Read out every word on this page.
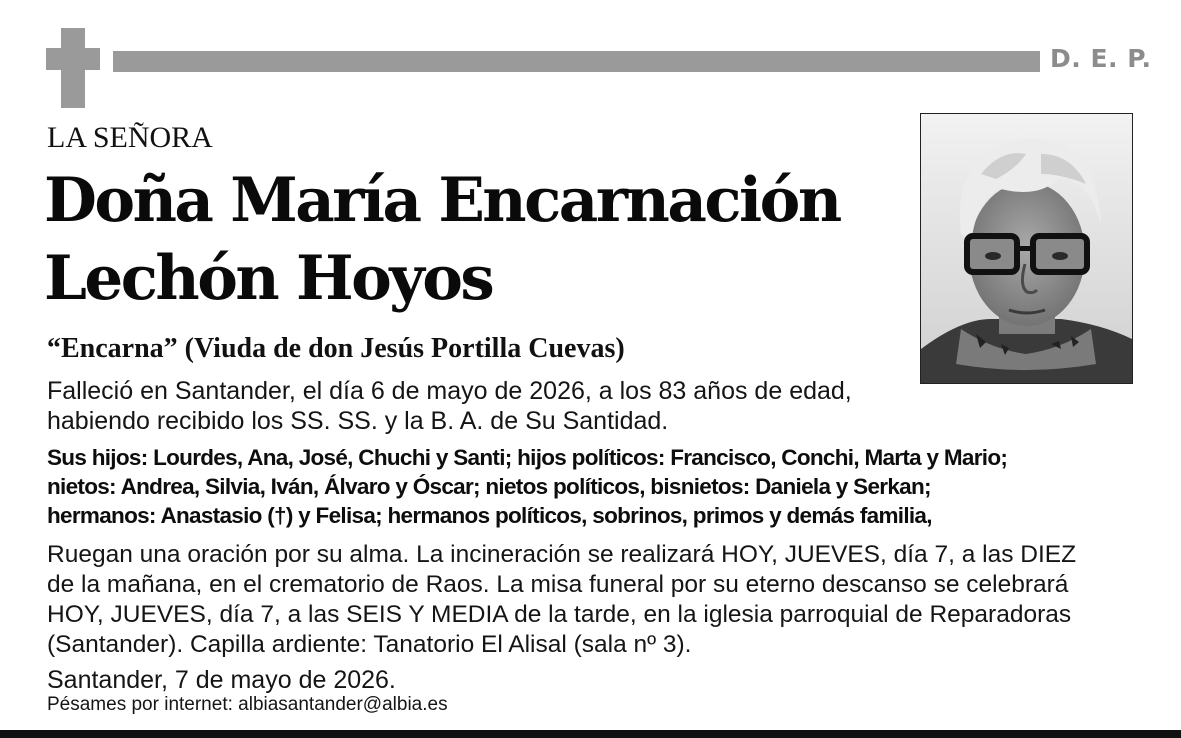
D. E. P.
LA SEÑORA
Doña María Encarnación
Lechón Hoyos
“Encarna” (Viuda de don Jesús Portilla Cuevas)
Falleció en Santander, el día 6 de mayo de 2026, a los 83 años de edad,
habiendo recibido los SS. SS. y la B. A. de Su Santidad.
Sus hijos: Lourdes, Ana, José, Chuchi y Santi; hijos políticos: Francisco, Conchi, Marta y Mario;
nietos: Andrea, Silvia, Iván, Álvaro y Óscar; nietos políticos, bisnietos: Daniela y Serkan;
hermanos: Anastasio (†) y Felisa; hermanos políticos, sobrinos, primos y demás familia,
Ruegan una oración por su alma. La incineración se realizará HOY, JUEVES, día 7, a las DIEZ
de la mañana, en el crematorio de Raos. La misa funeral por su eterno descanso se celebrará
HOY, JUEVES, día 7, a las SEIS Y MEDIA de la tarde, en la iglesia parroquial de Reparadoras
(Santander). Capilla ardiente: Tanatorio El Alisal (sala nº 3).
Santander, 7 de mayo de 2026.
Pésames por internet: albiasantander@albia.es
